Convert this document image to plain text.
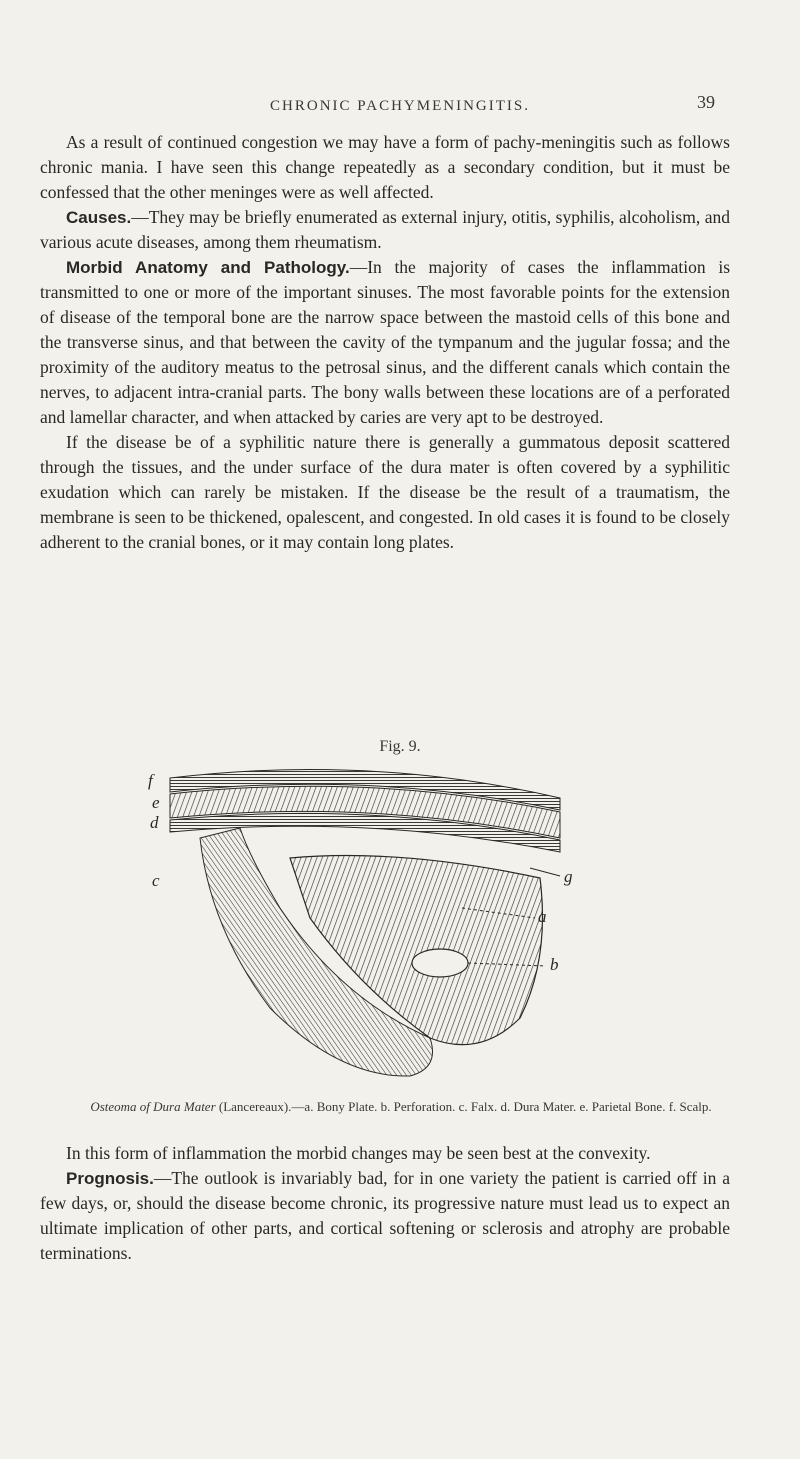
CHRONIC PACHYMENINGITIS.	39

As a result of continued congestion we may have a form of pachy-meningitis such as follows chronic mania. I have seen this change repeatedly as a secondary condition, but it must be confessed that the other meninges were as well affected.

Causes.—They may be briefly enumerated as external injury, otitis, syphilis, alcoholism, and various acute diseases, among them rheumatism.

Morbid Anatomy and Pathology.—In the majority of cases the inflammation is transmitted to one or more of the important sinuses. The most favorable points for the extension of disease of the temporal bone are the narrow space between the mastoid cells of this bone and the transverse sinus, and that between the cavity of the tympanum and the jugular fossa; and the proximity of the auditory meatus to the petrosal sinus, and the different canals which contain the nerves, to adjacent intra-cranial parts. The bony walls between these locations are of a perforated and lamellar character, and when attacked by caries are very apt to be destroyed.

If the disease be of a syphilitic nature there is generally a gummatous deposit scattered through the tissues, and the under surface of the dura mater is often covered by a syphilitic exudation which can rarely be mistaken. If the disease be the result of a traumatism, the membrane is seen to be thickened, opalescent, and congested. In old cases it is found to be closely adherent to the cranial bones, or it may contain long plates.

Fig. 9.
f
e
d
c	g
a
b
Osteoma of Dura Mater (Lancereaux).—a. Bony Plate. b. Perforation. c. Falx. d. Dura Mater. e. Parietal Bone. f. Scalp.

In this form of inflammation the morbid changes may be seen best at the convexity.

Prognosis.—The outlook is invariably bad, for in one variety the patient is carried off in a few days, or, should the disease become chronic, its progressive nature must lead us to expect an ultimate implication of other parts, and cortical softening or sclerosis and atrophy are probable terminations.
